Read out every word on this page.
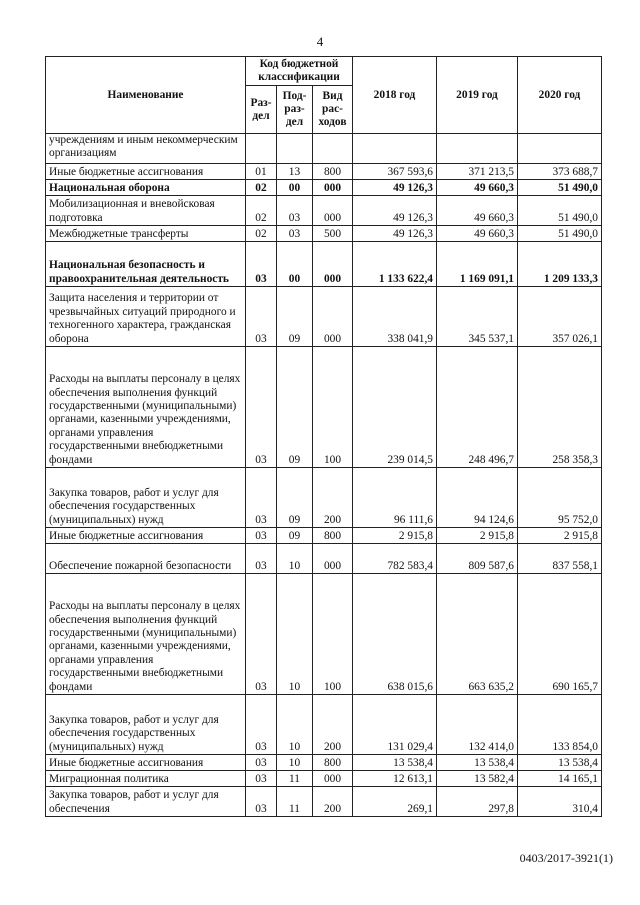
4
Наименование	Код бюджетной классификации			2018 год	2019 год	2020 год
	Раз-дел	Под-раз-дел	Вид рас-ходов			
учреждениям и иным некоммерческим организациям						
Иные бюджетные ассигнования	01	13	800	367 593,6	371 213,5	373 688,7
Национальная оборона	02	00	000	49 126,3	49 660,3	51 490,0
Мобилизационная и вневойсковая подготовка	02	03	000	49 126,3	49 660,3	51 490,0
Межбюджетные трансферты	02	03	500	49 126,3	49 660,3	51 490,0
Национальная безопасность и правоохранительная деятельность	03	00	000	1 133 622,4	1 169 091,1	1 209 133,3
Защита населения и территории от чрезвычайных ситуаций природного и техногенного характера, гражданская оборона	03	09	000	338 041,9	345 537,1	357 026,1
Расходы на выплаты персоналу в целях обеспечения выполнения функций государственными (муниципальными) органами, казенными учреждениями, органами управления государственными внебюджетными фондами	03	09	100	239 014,5	248 496,7	258 358,3
Закупка товаров, работ и услуг для обеспечения государственных (муниципальных) нужд	03	09	200	96 111,6	94 124,6	95 752,0
Иные бюджетные ассигнования	03	09	800	2 915,8	2 915,8	2 915,8
Обеспечение пожарной безопасности	03	10	000	782 583,4	809 587,6	837 558,1
Расходы на выплаты персоналу в целях обеспечения выполнения функций государственными (муниципальными) органами, казенными учреждениями, органами управления государственными внебюджетными фондами	03	10	100	638 015,6	663 635,2	690 165,7
Закупка товаров, работ и услуг для обеспечения государственных (муниципальных) нужд	03	10	200	131 029,4	132 414,0	133 854,0
Иные бюджетные ассигнования	03	10	800	13 538,4	13 538,4	13 538,4
Миграционная политика	03	11	000	12 613,1	13 582,4	14 165,1
Закупка товаров, работ и услуг для обеспечения	03	11	200	269,1	297,8	310,4
0403/2017-3921(1)
